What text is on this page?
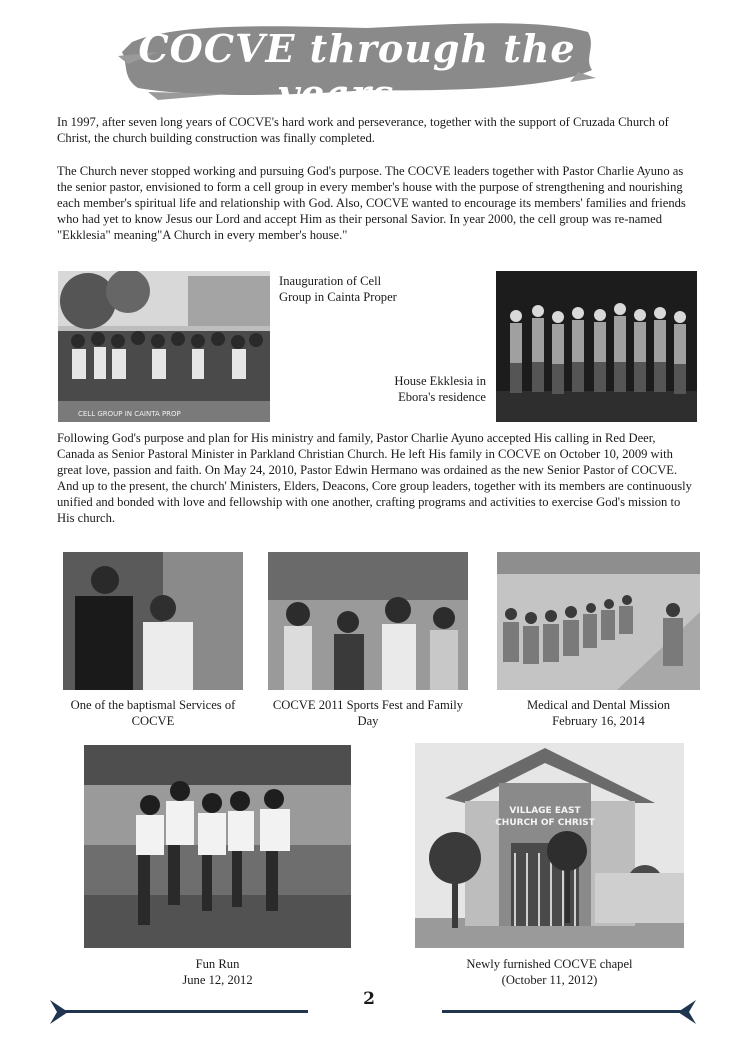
COCVE through the years...

In 1997, after seven long years of COCVE's hard work and perseverance, together with the support of Cruzada Church of Christ, the church building construction was finally completed.

The Church never stopped working and pursuing God's purpose. The COCVE leaders together with Pastor Charlie Ayuno as the senior pastor, envisioned to form a cell group in every member's house with the purpose of strengthening and nourishing each member's spiritual life and relationship with God. Also, COCVE wanted to encourage its members' families and friends who had yet to know Jesus our Lord and accept Him as their personal Savior. In year 2000, the cell group was re-named "Ekklesia" meaning"A Church in every member's house."

CELL GROUP IN CAINTA PROP

Inauguration of Cell Group in Cainta Proper

House Ekklesia in Ebora's residence

Following God's purpose and plan for His ministry and family, Pastor Charlie Ayuno accepted His calling in Red Deer, Canada as Senior Pastoral Minister in Parkland Christian Church. He left His family in COCVE on October 10, 2009 with great love, passion and faith. On May 24, 2010, Pastor Edwin Hermano was ordained as the new Senior Pastor of COCVE. And up to the present, the church' Ministers, Elders, Deacons, Core group leaders, together with its members are continuously unified and bonded with love and fellowship with one another, crafting programs and activities to exercise God's mission to His church.

One of the baptismal Services of COCVE

COCVE 2011 Sports Fest and Family Day

Medical and Dental Mission
February 16, 2014

Fun Run
June 12, 2012

VILLAGE EAST
CHURCH OF CHRIST

Newly furnished COCVE chapel
(October 11, 2012)

2
